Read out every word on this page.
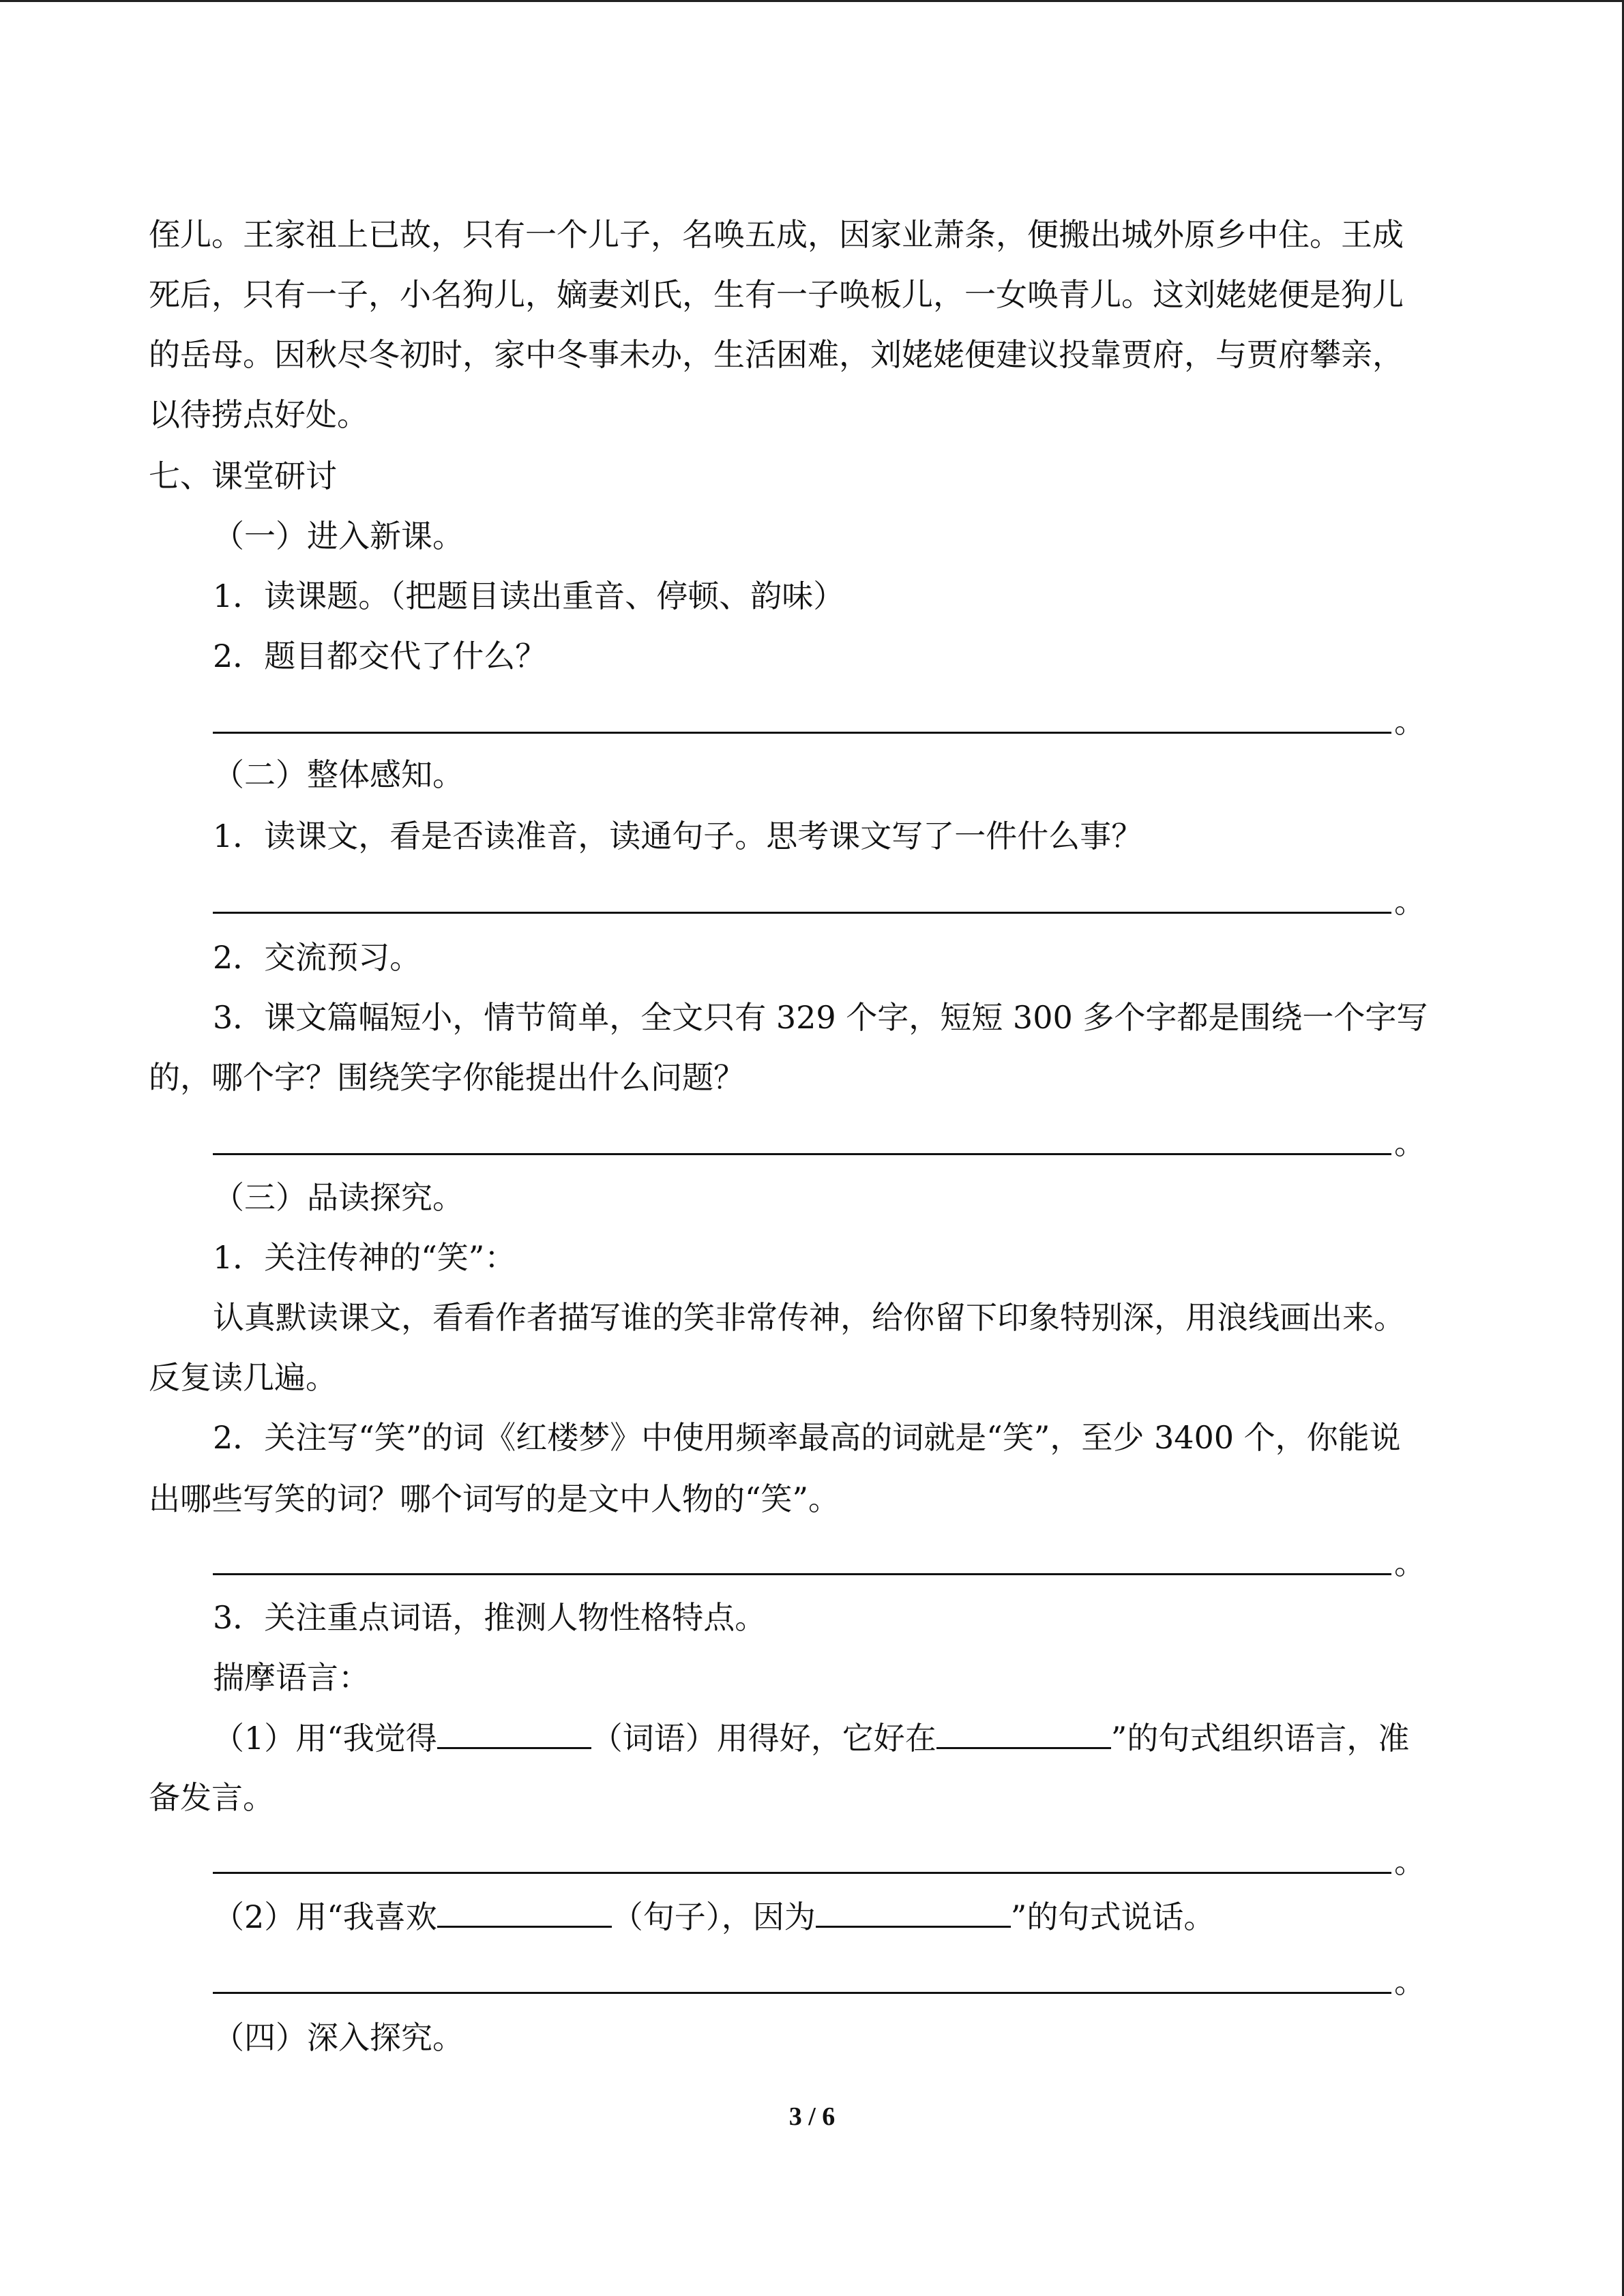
侄儿。王家祖上已故，只有一个儿子，名唤五成，因家业萧条，便搬出城外原乡中住。王成
死后，只有一子，小名狗儿，嫡妻刘氏，生有一子唤板儿，一女唤青儿。这刘姥姥便是狗儿
的岳母。因秋尽冬初时，家中冬事未办，生活困难，刘姥姥便建议投靠贾府，与贾府攀亲，
以待捞点好处。
七、课堂研讨
（一）进入新课。
1．读课题。（把题目读出重音、停顿、韵味）
2．题目都交代了什么？
。
（二）整体感知。
1．读课文，看是否读准音，读通句子。思考课文写了一件什么事？
。
2．交流预习。
3．课文篇幅短小，情节简单，全文只有 329 个字，短短 300 多个字都是围绕一个字写
的，哪个字？围绕笑字你能提出什么问题？
。
（三）品读探究。
1．关注传神的“笑”：
认真默读课文，看看作者描写谁的笑非常传神，给你留下印象特别深，用浪线画出来。
反复读几遍。
2．关注写“笑”的词《红楼梦》中使用频率最高的词就是“笑”，至少 3400 个，你能说
出哪些写笑的词？哪个词写的是文中人物的“笑”。
。
3．关注重点词语，推测人物性格特点。
揣摩语言：
（1）用“我觉得	（词语）用得好，它好在	”的句式组织语言，准
备发言。
。
（2）用“我喜欢	（句子），因为	”的句式说话。
。
（四）深入探究。
3 / 6
